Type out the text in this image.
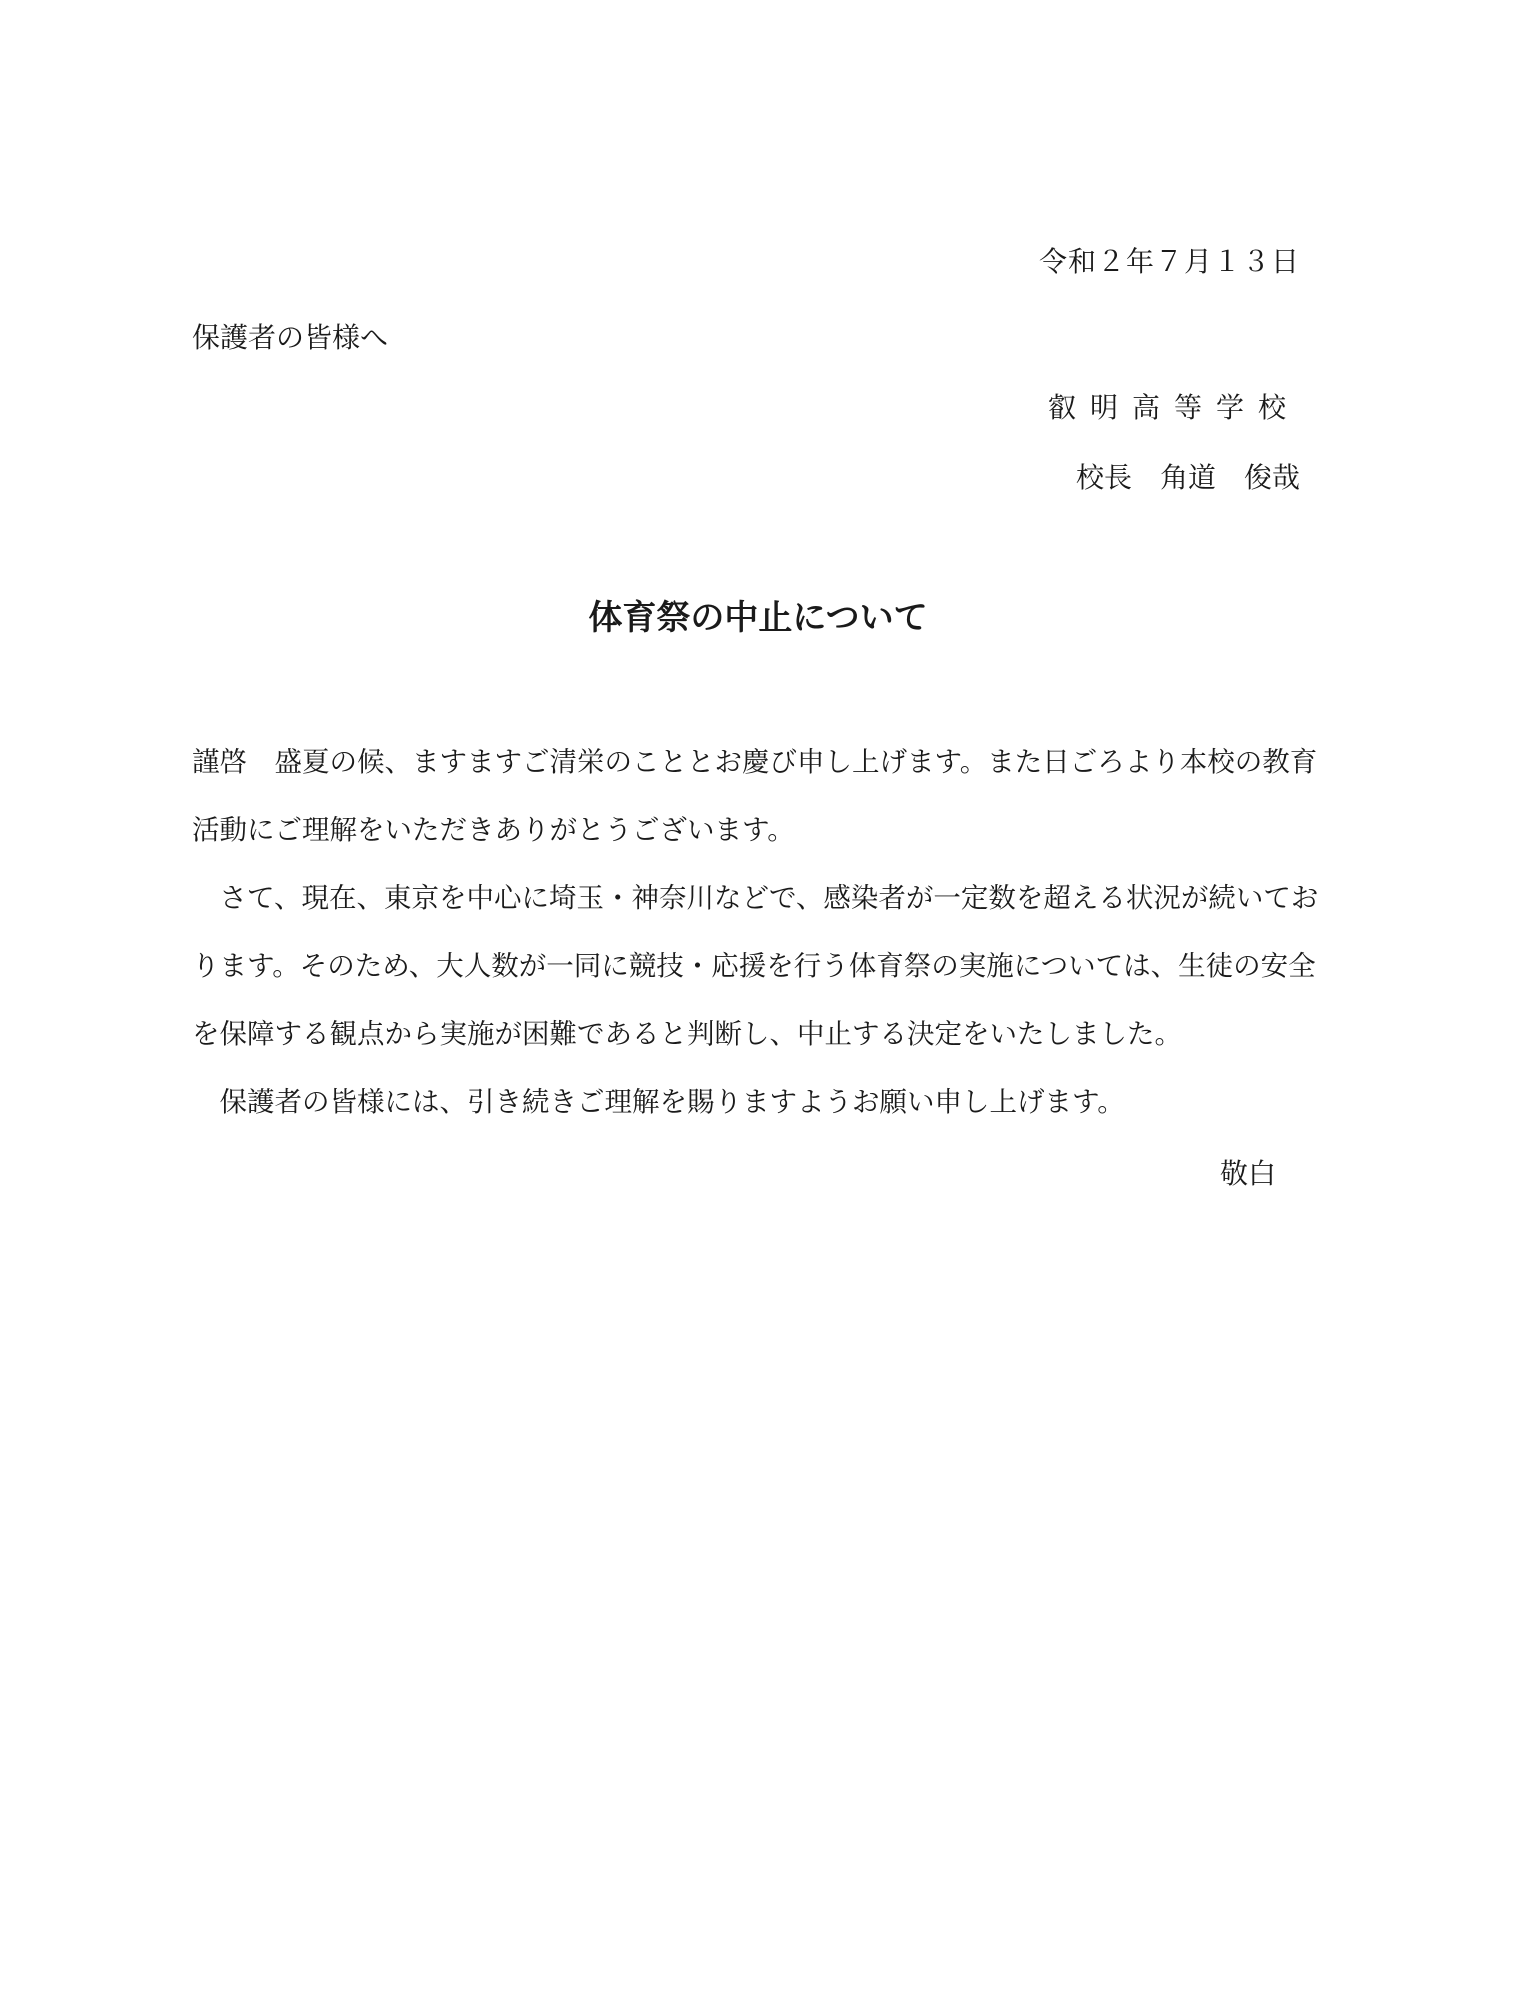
令和２年７月１３日
保護者の皆様へ
叡明高等学校
校長 角道 俊哉
体育祭の中止について
謹啓　盛夏の候、ますますご清栄のこととお慶び申し上げます。また日ごろより本校の教育
活動にご理解をいただきありがとうございます。
　さて、現在、東京を中心に埼玉・神奈川などで、感染者が一定数を超える状況が続いてお
ります。そのため、大人数が一同に競技・応援を行う体育祭の実施については、生徒の安全
を保障する観点から実施が困難であると判断し、中止する決定をいたしました。
　保護者の皆様には、引き続きご理解を賜りますようお願い申し上げます。
敬白
